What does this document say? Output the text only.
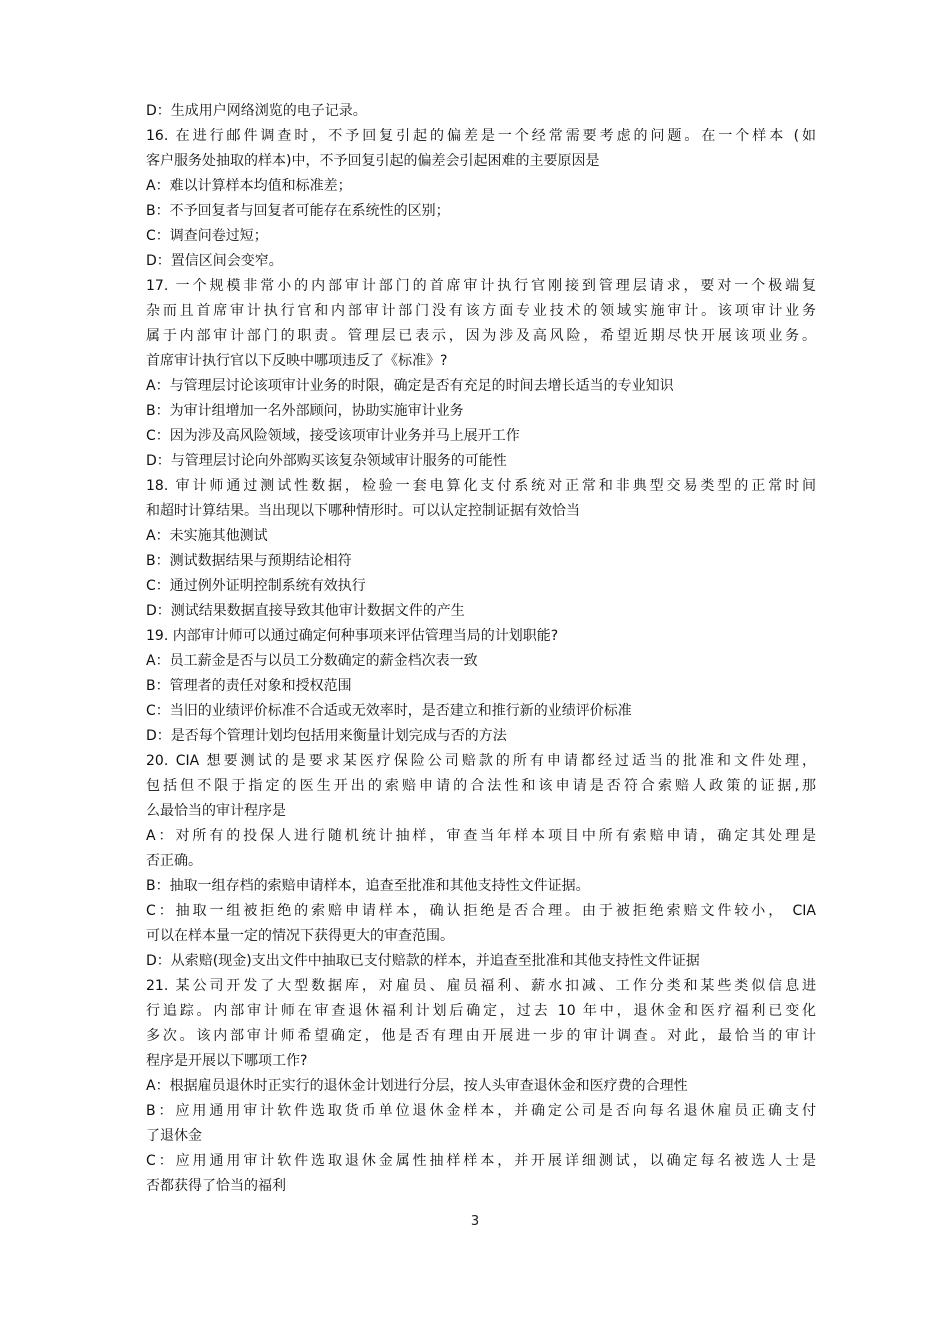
D：生成用户网络浏览的电子记录。
16. 在进行邮件调查时，不予回复引起的偏差是一个经常需要考虑的问题。在一个样本 (如
客户服务处抽取的样本)中，不予回复引起的偏差会引起困难的主要原因是
A：难以计算样本均值和标准差；
B：不予回复者与回复者可能存在系统性的区别；
C：调查问卷过短；
D：置信区间会变窄。
17. 一个规模非常小的内部审计部门的首席审计执行官刚接到管理层请求，要对一个极端复
杂而且首席审计执行官和内部审计部门没有该方面专业技术的领域实施审计。该项审计业务
属于内部审计部门的职责。管理层已表示，因为涉及高风险，希望近期尽快开展该项业务。
首席审计执行官以下反映中哪项违反了《标准》?
A：与管理层讨论该项审计业务的时限，确定是否有充足的时间去增长适当的专业知识
B：为审计组增加一名外部顾问，协助实施审计业务
C：因为涉及高风险领域，接受该项审计业务并马上展开工作
D：与管理层讨论向外部购买该复杂领域审计服务的可能性
18. 审计师通过测试性数据，检验一套电算化支付系统对正常和非典型交易类型的正常时间
和超时计算结果。当出现以下哪种情形时。可以认定控制证据有效恰当
A：未实施其他测试
B：测试数据结果与预期结论相符
C：通过例外证明控制系统有效执行
D：测试结果数据直接导致其他审计数据文件的产生
19. 内部审计师可以通过确定何种事项来评估管理当局的计划职能?
A：员工薪金是否与以员工分数确定的薪金档次表一致
B：管理者的责任对象和授权范围
C：当旧的业绩评价标准不合适或无效率时，是否建立和推行新的业绩评价标准
D：是否每个管理计划均包括用来衡量计划完成与否的方法
20. CIA 想要测试的是要求某医疗保险公司赔款的所有申请都经过适当的批准和文件处理，
包括但不限于指定的医生开出的索赔申请的合法性和该申请是否符合索赔人政策的证据,那
么最恰当的审计程序是
A：对所有的投保人进行随机统计抽样，审查当年样本项目中所有索赔申请，确定其处理是
否正确。
B：抽取一组存档的索赔申请样本，追查至批准和其他支持性文件证据。
C：抽取一组被拒绝的索赔申请样本，确认拒绝是否合理。由于被拒绝索赔文件较小， CIA
可以在样本量一定的情况下获得更大的审查范围。
D：从索赔(现金)支出文件中抽取已支付赔款的样本，并追查至批准和其他支持性文件证据
21. 某公司开发了大型数据库，对雇员、雇员福利、薪水扣减、工作分类和某些类似信息进
行追踪。内部审计师在审查退休福利计划后确定，过去 10 年中，退休金和医疗福利已变化
多次。该内部审计师希望确定，他是否有理由开展进一步的审计调查。对此，最恰当的审计
程序是开展以下哪项工作?
A：根据雇员退休时正实行的退休金计划进行分层，按人头审查退休金和医疗费的合理性
B：应用通用审计软件选取货币单位退休金样本，并确定公司是否向每名退休雇员正确支付
了退休金
C：应用通用审计软件选取退休金属性抽样样本，并开展详细测试，以确定每名被选人士是
否都获得了恰当的福利
3
